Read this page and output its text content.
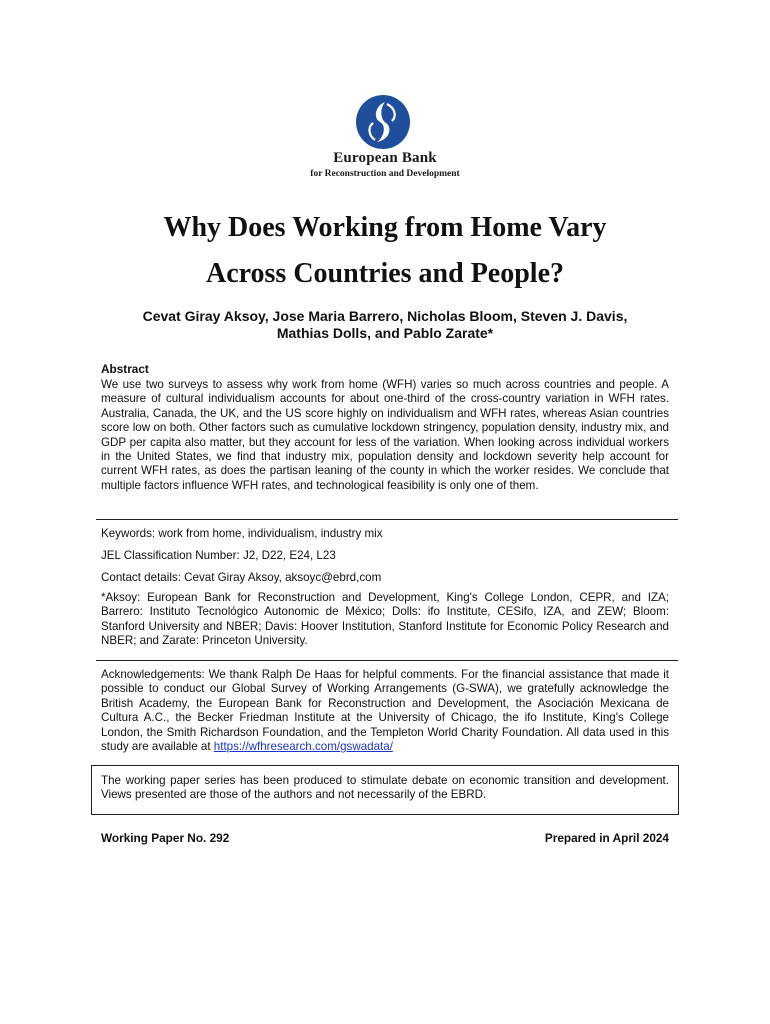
European Bank
for Reconstruction and Development
Why Does Working from Home Vary
Across Countries and People?
Cevat Giray Aksoy, Jose Maria Barrero, Nicholas Bloom, Steven J. Davis,
Mathias Dolls, and Pablo Zarate*
Abstract
We use two surveys to assess why work from home (WFH) varies so much across countries and people. A measure of cultural individualism accounts for about one-third of the cross-country variation in WFH rates. Australia, Canada, the UK, and the US score highly on individualism and WFH rates, whereas Asian countries score low on both. Other factors such as cumulative lockdown stringency, population density, industry mix, and GDP per capita also matter, but they account for less of the variation. When looking across individual workers in the United States, we find that industry mix, population density and lockdown severity help account for current WFH rates, as does the partisan leaning of the county in which the worker resides. We conclude that multiple factors influence WFH rates, and technological feasibility is only one of them.
Keywords: work from home, individualism, industry mix
JEL Classification Number: J2, D22, E24, L23
Contact details: Cevat Giray Aksoy, aksoyc@ebrd,com
*Aksoy: European Bank for Reconstruction and Development, King's College London, CEPR, and IZA; Barrero: Instituto Tecnológico Autonomic de México; Dolls: ifo Institute, CESifo, IZA, and ZEW; Bloom: Stanford University and NBER; Davis: Hoover Institution, Stanford Institute for Economic Policy Research and NBER; and Zarate: Princeton University.
Acknowledgements: We thank Ralph De Haas for helpful comments. For the financial assistance that made it possible to conduct our Global Survey of Working Arrangements (G-SWA), we gratefully acknowledge the British Academy, the European Bank for Reconstruction and Development, the Asociación Mexicana de Cultura A.C., the Becker Friedman Institute at the University of Chicago, the ifo Institute, King's College London, the Smith Richardson Foundation, and the Templeton World Charity Foundation. All data used in this study are available at https://wfhresearch.com/gswadata/
The working paper series has been produced to stimulate debate on economic transition and development. Views presented are those of the authors and not necessarily of the EBRD.
Working Paper No. 292	Prepared in April 2024
